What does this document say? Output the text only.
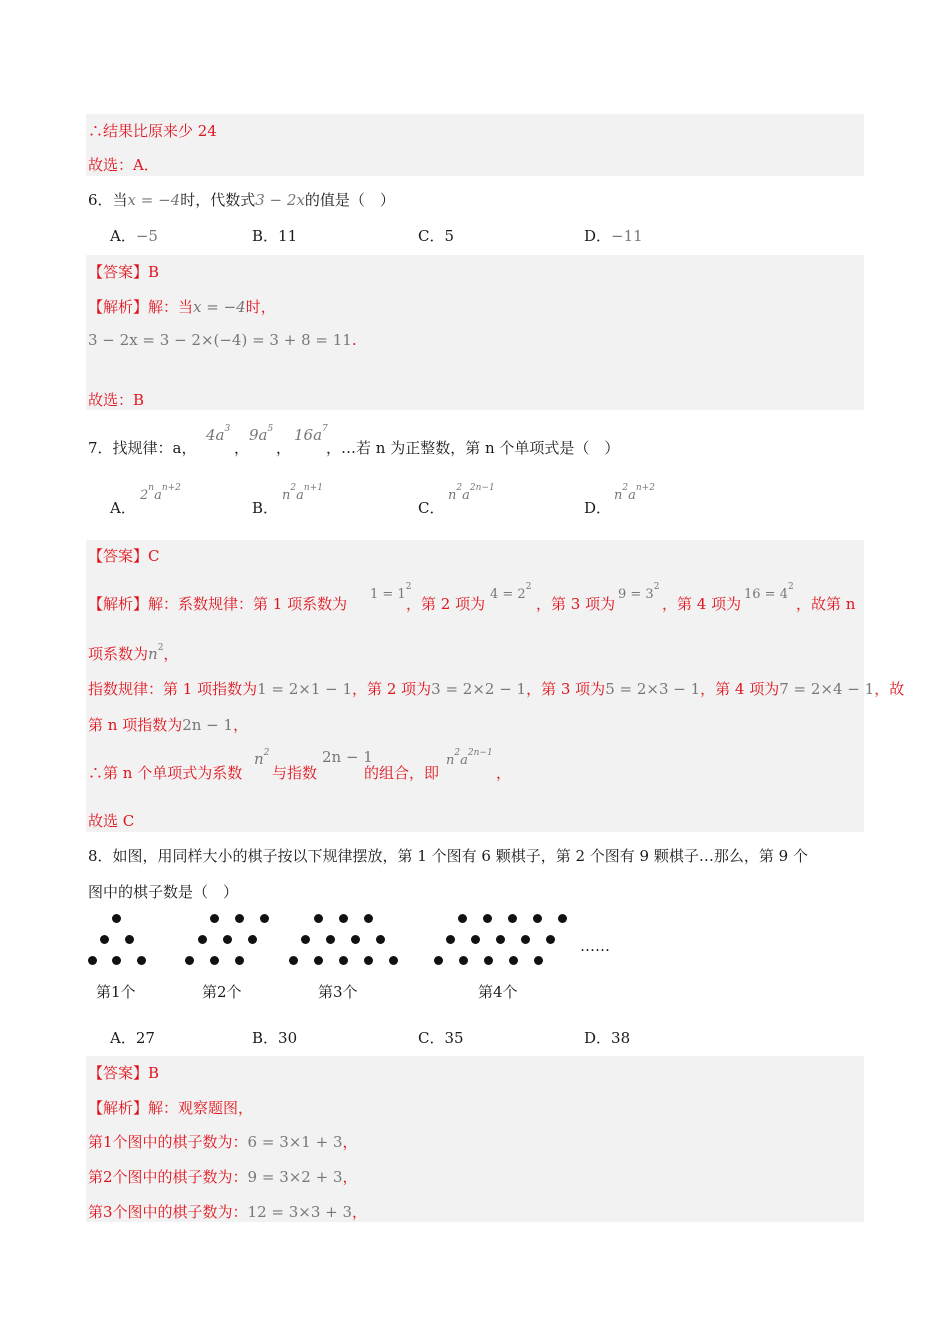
∴结果比原来少 24
故选：A．
6．当x = −4时，代数式3 − 2x的值是（　）
A．−5	B．11	C．5	D．−11
【答案】B
【解析】解：当x = −4时，
3 − 2x = 3 − 2×(−4) = 3 + 8 = 11.
故选：B
7．找规律：a，
$4a^3$
，
$9a^5$
，
$16a^7$
，…若 n 为正整数，第 n 个单项式是（　）
A．
$2^na^{n+2}$
B．
$n^2a^{n+1}$
C．
$n^2a^{2n-1}$
D．
$n^2a^{n+2}$
【答案】C
【解析】解：系数规律：第 1 项系数为
$1 = 1^2$
，第 2 项为
$4 = 2^2$
，第 3 项为
$9 = 3^2$
，第 4 项为
$16 = 4^2$
，故第 n
项系数为$n^2$，
指数规律：第 1 项指数为1 = 2×1 − 1，第 2 项为3 = 2×2 − 1，第 3 项为5 = 2×3 − 1，第 4 项为7 = 2×4 − 1，故
第 n 项指数为2n − 1，
∴第 n 个单项式为系数
$n^2$
与指数
2n − 1
的组合，即
$n^2a^{2n-1}$
，
故选 C
8．如图，用同样大小的棋子按以下规律摆放，第 1 个图有 6 颗棋子，第 2 个图有 9 颗棋子…那么，第 9 个
图中的棋子数是（　）
……
第1个	第2个	第3个	第4个
A．27	B．30	C．35	D．38
【答案】B
【解析】解：观察题图，
第1个图中的棋子数为：6 = 3×1 + 3，
第2个图中的棋子数为：9 = 3×2 + 3，
第3个图中的棋子数为：12 = 3×3 + 3，
